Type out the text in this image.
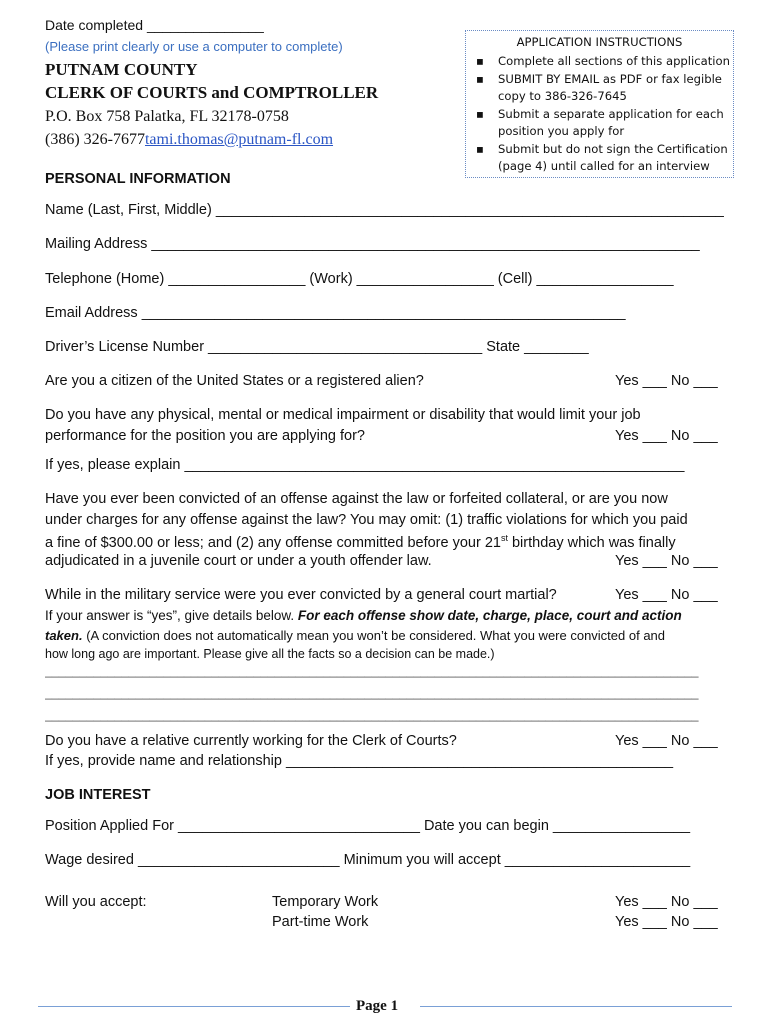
Date completed _______________
(Please print clearly or use a computer to complete)
PUTNAM COUNTY
CLERK OF COURTS and COMPTROLLER
P.O. Box 758 Palatka, FL 32178-0758
(386) 326-7677tami.thomas@putnam-fl.com
APPLICATION INSTRUCTIONS
▪ Complete all sections of this application
▪ SUBMIT BY EMAIL as PDF or fax legible copy to 386-326-7645
▪ Submit a separate application for each position you apply for
▪ Submit but do not sign the Certification (page 4) until called for an interview
PERSONAL INFORMATION
Name (Last, First, Middle) _______________________________________________________________
Mailing Address ____________________________________________________________________
Telephone (Home) _________________ (Work) _________________ (Cell) _________________
Email Address ____________________________________________________________
Driver’s License Number __________________________________ State ________
Are you a citizen of the United States or a registered alien?	Yes ___ No ___
Do you have any physical, mental or medical impairment or disability that would limit your job
performance for the position you are applying for?	Yes ___ No ___
If yes, please explain ______________________________________________________________
Have you ever been convicted of an offense against the law or forfeited collateral, or are you now
under charges for any offense against the law? You may omit: (1) traffic violations for which you paid
a fine of $300.00 or less; and (2) any offense committed before your 21st birthday which was finally
adjudicated in a juvenile court or under a youth offender law.	Yes ___ No ___
While in the military service were you ever convicted by a general court martial?	Yes ___ No ___
If your answer is “yes”, give details below. For each offense show date, charge, place, court and action
taken. (A conviction does not automatically mean you won’t be considered. What you were convicted of and
how long ago are important. Please give all the facts so a decision can be made.)
______________________________________________________________________________________________
______________________________________________________________________________________________
______________________________________________________________________________________________
Do you have a relative currently working for the Clerk of Courts?	Yes ___ No ___
If yes, provide name and relationship ________________________________________________
JOB INTEREST
Position Applied For ______________________________ Date you can begin _________________
Wage desired _________________________ Minimum you will accept _______________________
Will you accept:	Temporary Work	Yes ___ No ___
Part-time Work	Yes ___ No ___
Page 1
